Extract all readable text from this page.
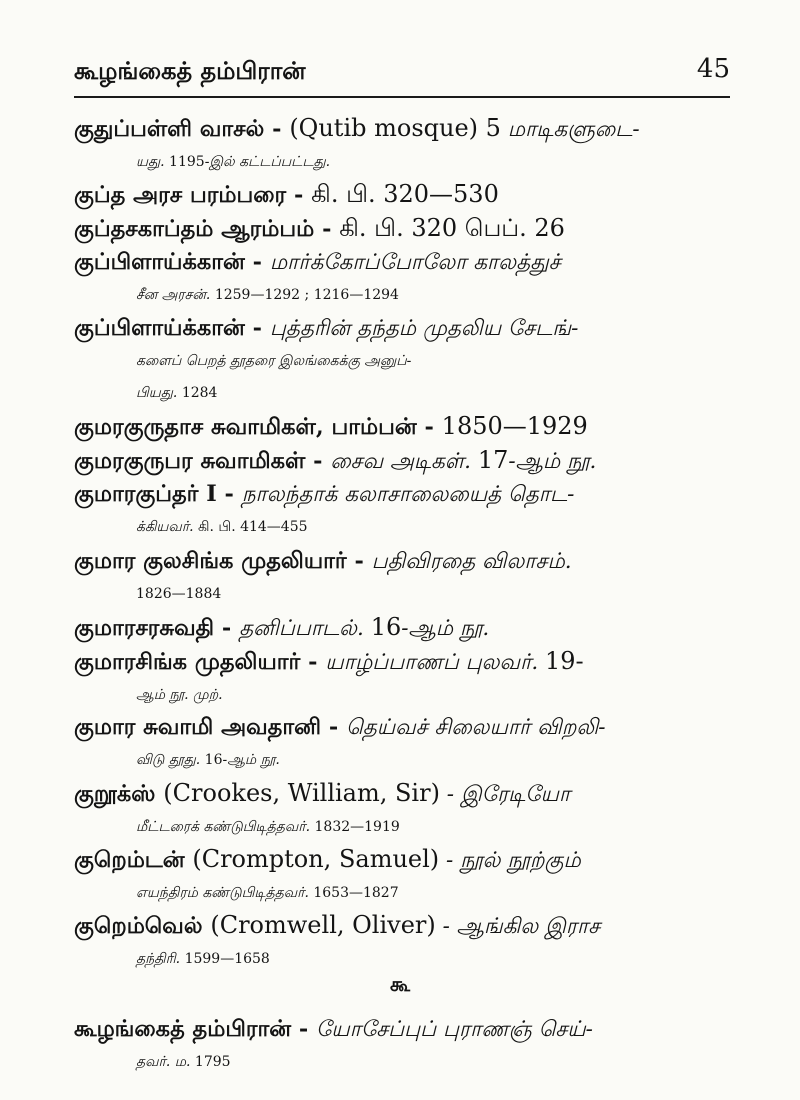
கூழங்கைத் தம்பிரான்	45
குதுப்பள்ளி வாசல் - (Qutib mosque) 5 மாடிகளுடை-
யது. 1195-இல் கட்டப்பட்டது.
குப்த அரச பரம்பரை - கி. பி. 320—530
குப்தசகாப்தம் ஆரம்பம் - கி. பி. 320 பெப். 26
குப்பிளாய்க்கான் - மார்க்கோப்போலோ காலத்துச்
சீன அரசன். 1259—1292 ; 1216—1294
குப்பிளாய்க்கான் - புத்தரின் தந்தம் முதலிய சேடங்-
களைப் பெறத் தூதரை இலங்கைக்கு அனுப்-
பியது. 1284
குமரகுருதாச சுவாமிகள், பாம்பன் - 1850—1929
குமரகுருபர சுவாமிகள் - சைவ அடிகள். 17-ஆம் நூ.
குமாரகுப்தர் I - நாலந்தாக் கலாசாலையைத் தொட-
க்கியவர். கி. பி. 414—455
குமார குலசிங்க முதலியார் - பதிவிரதை விலாசம்.
1826—1884
குமாரசரசுவதி - தனிப்பாடல். 16-ஆம் நூ.
குமாரசிங்க முதலியார் - யாழ்ப்பாணப் புலவர். 19-
ஆம் நூ. முற்.
குமார சுவாமி அவதானி - தெய்வச் சிலையார் விறலி-
விடு தூது. 16-ஆம் நூ.
குறூக்ஸ் (Crookes, William, Sir) - இரேடியோ
மீட்டரைக் கண்டுபிடித்தவர். 1832—1919
குறெம்டன் (Crompton, Samuel) - நூல் நூற்கும்
எயந்திரம் கண்டுபிடித்தவர். 1653—1827
குறெம்வெல் (Cromwell, Oliver) - ஆங்கில இராச
தந்திரி. 1599—1658
கூழங்கைத் தம்பிரான் - யோசேப்புப் புராணஞ் செய்-
தவர். ம. 1795
கூ
